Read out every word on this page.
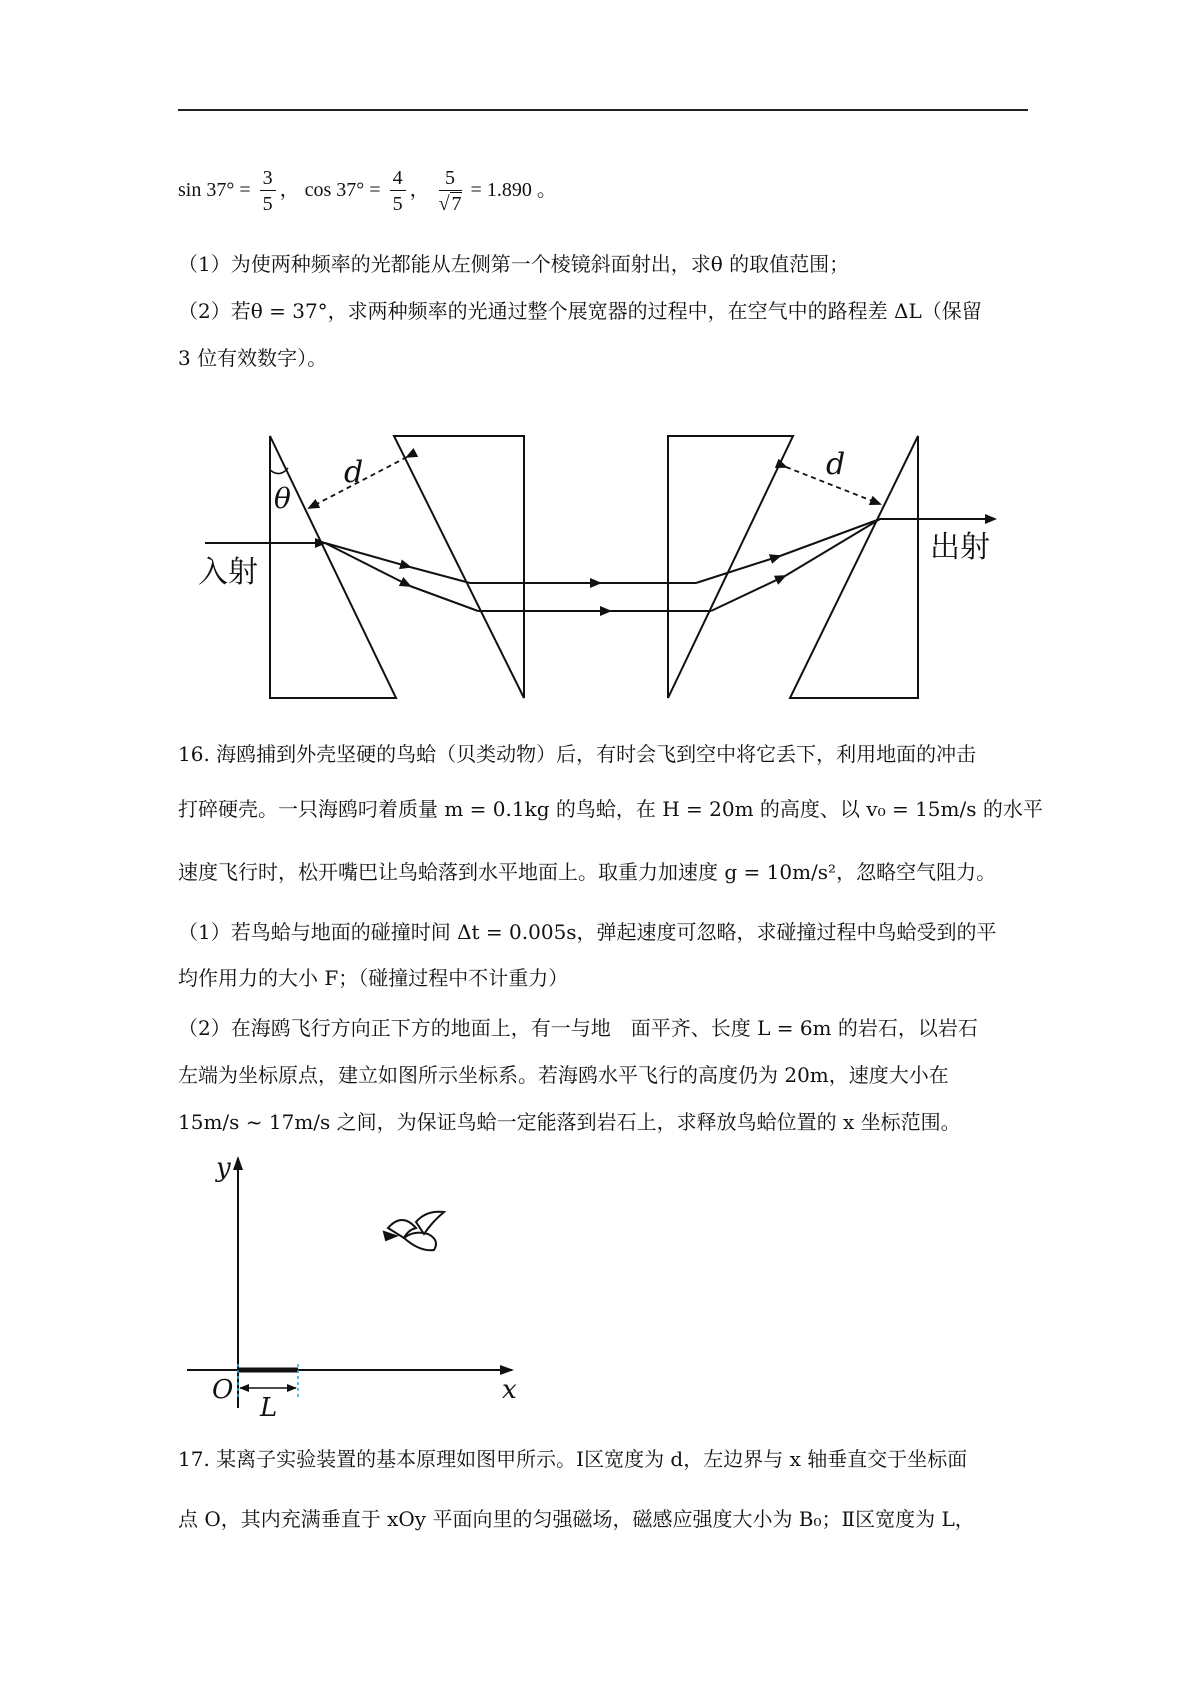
$\sin 37^\circ = \frac{3}{5}$ ， $\cos 37^\circ = \frac{4}{5}$ ， $\frac{5}{√ 7} = 1.890$ 。
（1）为使两种频率的光都能从左侧第一个棱镜斜面射出，求θ 的取值范围；
（2）若θ = 37°，求两种频率的光通过整个展宽器的过程中，在空气中的路程差 ΔL（保留
3 位有效数字）。
入射
出射
d	d
θ
16. 海鸥捕到外壳坚硬的鸟蛤（贝类动物）后，有时会飞到空中将它丢下，利用地面的冲击
打碎硬壳。一只海鸥叼着质量 m = 0.1kg 的鸟蛤，在 H = 20m 的高度、以 v₀ = 15m/s 的水平
速度飞行时，松开嘴巴让鸟蛤落到水平地面上。取重力加速度 g = 10m/s²，忽略空气阻力。
（1）若鸟蛤与地面的碰撞时间 Δt = 0.005s，弹起速度可忽略，求碰撞过程中鸟蛤受到的平
均作用力的大小 F；（碰撞过程中不计重力）
（2）在海鸥飞行方向正下方的地面上，有一与地　面平齐、长度 L = 6m 的岩石，以岩石
左端为坐标原点，建立如图所示坐标系。若海鸥水平飞行的高度仍为 20m，速度大小在
15m/s ~ 17m/s 之间，为保证鸟蛤一定能落到岩石上，求释放鸟蛤位置的 x 坐标范围。
y
x
O
L
17. 某离子实验装置的基本原理如图甲所示。Ⅰ区宽度为 d，左边界与 x 轴垂直交于坐标面
点 O，其内充满垂直于 xOy 平面向里的匀强磁场，磁感应强度大小为 B₀；Ⅱ区宽度为 L，
